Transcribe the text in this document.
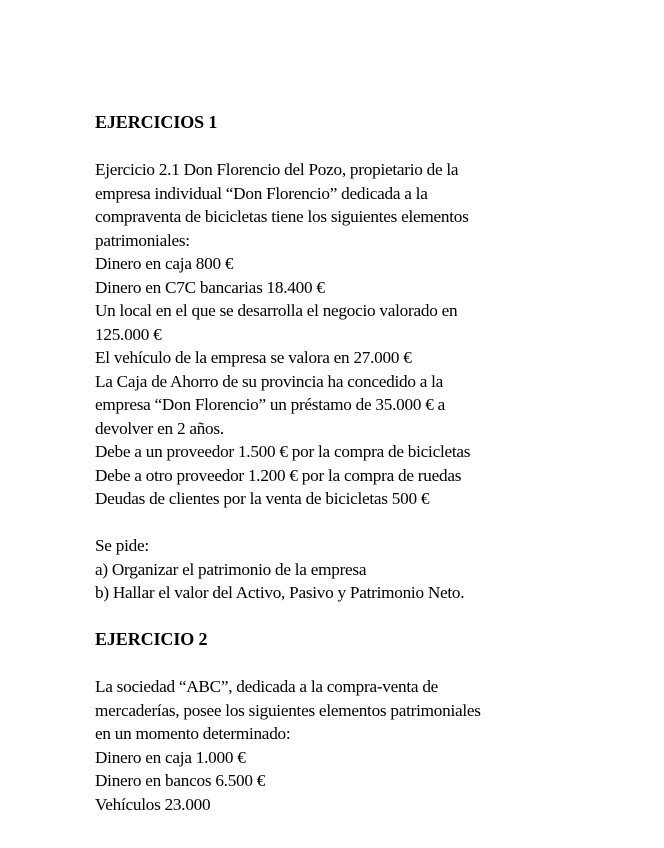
EJERCICIOS 1

Ejercicio 2.1 Don Florencio del Pozo, propietario de la
empresa individual “Don Florencio” dedicada a la
compraventa de bicicletas tiene los siguientes elementos
patrimoniales:
Dinero en caja 800 €
Dinero en C7C bancarias 18.400 €
Un local en el que se desarrolla el negocio valorado en
125.000 €
El vehículo de la empresa se valora en 27.000 €
La Caja de Ahorro de su provincia ha concedido a la
empresa “Don Florencio” un préstamo de 35.000 € a
devolver en 2 años.
Debe a un proveedor 1.500 € por la compra de bicicletas
Debe a otro proveedor 1.200 € por la compra de ruedas
Deudas de clientes por la venta de bicicletas 500 €

Se pide:
a) Organizar el patrimonio de la empresa
b) Hallar el valor del Activo, Pasivo y Patrimonio Neto.

EJERCICIO 2

La sociedad “ABC”, dedicada a la compra-venta de
mercaderías, posee los siguientes elementos patrimoniales
en un momento determinado:
Dinero en caja 1.000 €
Dinero en bancos 6.500 €
Vehículos 23.000
